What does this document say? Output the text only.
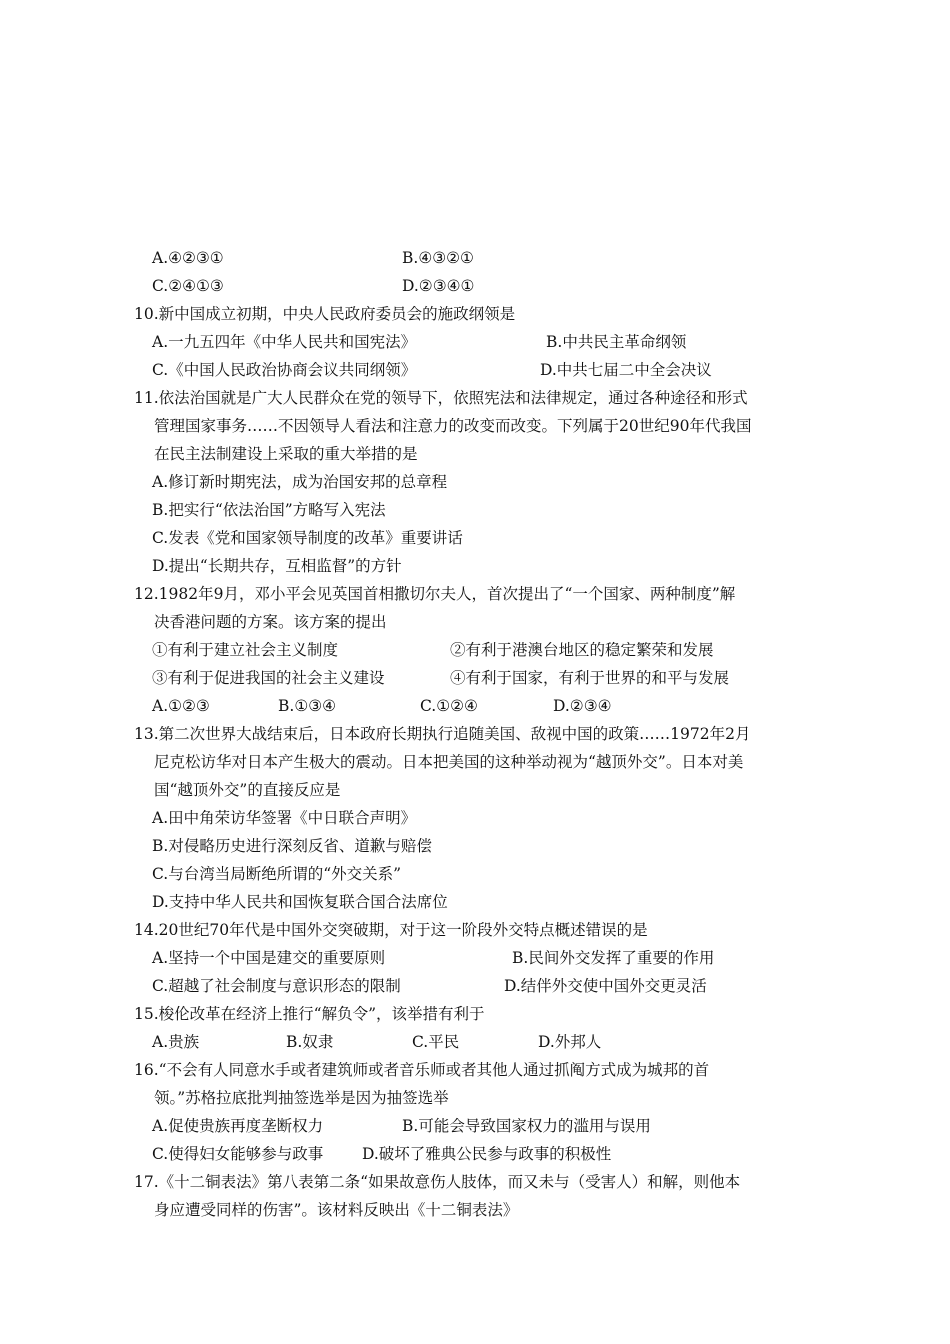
A.④②③①	B.④③②①
C.②④①③	D.②③④①
10.新中国成立初期，中央人民政府委员会的施政纲领是
A.一九五四年《中华人民共和国宪法》	B.中共民主革命纲领
C.《中国人民政治协商会议共同纲领》	D.中共七届二中全会决议
11.依法治国就是广大人民群众在党的领导下，依照宪法和法律规定，通过各种途径和形式
管理国家事务……不因领导人看法和注意力的改变而改变。下列属于20世纪90年代我国
在民主法制建设上采取的重大举措的是
A.修订新时期宪法，成为治国安邦的总章程
B.把实行“依法治国”方略写入宪法
C.发表《党和国家领导制度的改革》重要讲话
D.提出“长期共存，互相监督”的方针
12.1982年9月，邓小平会见英国首相撒切尔夫人，首次提出了“一个国家、两种制度”解
决香港问题的方案。该方案的提出
①有利于建立社会主义制度	②有利于港澳台地区的稳定繁荣和发展
③有利于促进我国的社会主义建设	④有利于国家，有利于世界的和平与发展
A.①②③	B.①③④	C.①②④	D.②③④
13.第二次世界大战结束后，日本政府长期执行追随美国、敌视中国的政策……1972年2月
尼克松访华对日本产生极大的震动。日本把美国的这种举动视为“越顶外交”。日本对美
国“越顶外交”的直接反应是
A.田中角荣访华签署《中日联合声明》
B.对侵略历史进行深刻反省、道歉与赔偿
C.与台湾当局断绝所谓的“外交关系”
D.支持中华人民共和国恢复联合国合法席位
14.20世纪70年代是中国外交突破期，对于这一阶段外交特点概述错误的是
A.坚持一个中国是建交的重要原则	B.民间外交发挥了重要的作用
C.超越了社会制度与意识形态的限制	D.结伴外交使中国外交更灵活
15.梭伦改革在经济上推行“解负令”，该举措有利于
A.贵族	B.奴隶	C.平民	D.外邦人
16.“不会有人同意水手或者建筑师或者音乐师或者其他人通过抓阄方式成为城邦的首
领。”苏格拉底批判抽签选举是因为抽签选举
A.促使贵族再度垄断权力	B.可能会导致国家权力的滥用与误用
C.使得妇女能够参与政事	D.破坏了雅典公民参与政事的积极性
17.《十二铜表法》第八表第二条“如果故意伤人肢体，而又未与（受害人）和解，则他本
身应遭受同样的伤害”。该材料反映出《十二铜表法》
